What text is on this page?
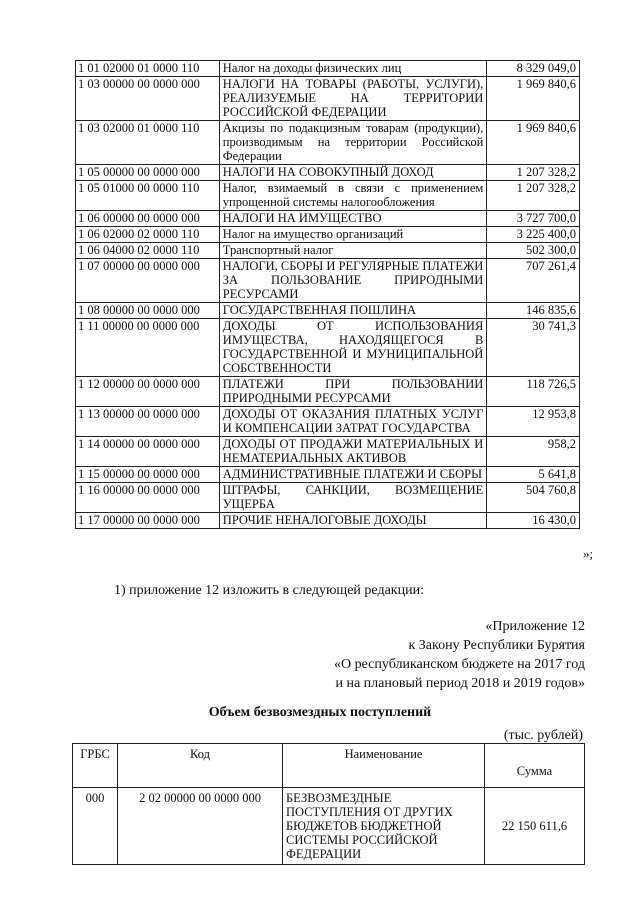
1 01 02000 01 0000 110	Налог на доходы физических лиц	8 329 049,0
1 03 00000 00 0000 000	НАЛОГИ НА ТОВАРЫ (РАБОТЫ, УСЛУГИ), РЕАЛИЗУЕМЫЕ НА ТЕРРИТОРИИ РОССИЙСКОЙ ФЕДЕРАЦИИ	1 969 840,6
1 03 02000 01 0000 110	Акцизы по подакцизным товарам (продукции), производимым на территории Российской Федерации	1 969 840,6
1 05 00000 00 0000 000	НАЛОГИ НА СОВОКУПНЫЙ ДОХОД	1 207 328,2
1 05 01000 00 0000 110	Налог, взимаемый в связи с применением упрощенной системы налогообложения	1 207 328,2
1 06 00000 00 0000 000	НАЛОГИ НА ИМУЩЕСТВО	3 727 700,0
1 06 02000 02 0000 110	Налог на имущество организаций	3 225 400,0
1 06 04000 02 0000 110	Транспортный налог	502 300,0
1 07 00000 00 0000 000	НАЛОГИ, СБОРЫ И РЕГУЛЯРНЫЕ ПЛАТЕЖИ ЗА ПОЛЬЗОВАНИЕ ПРИРОДНЫМИ РЕСУРСАМИ	707 261,4
1 08 00000 00 0000 000	ГОСУДАРСТВЕННАЯ ПОШЛИНА	146 835,6
1 11 00000 00 0000 000	ДОХОДЫ ОТ ИСПОЛЬЗОВАНИЯ ИМУЩЕСТВА, НАХОДЯЩЕГОСЯ В ГОСУДАРСТВЕННОЙ И МУНИЦИПАЛЬНОЙ СОБСТВЕННОСТИ	30 741,3
1 12 00000 00 0000 000	ПЛАТЕЖИ ПРИ ПОЛЬЗОВАНИИ ПРИРОДНЫМИ РЕСУРСАМИ	118 726,5
1 13 00000 00 0000 000	ДОХОДЫ ОТ ОКАЗАНИЯ ПЛАТНЫХ УСЛУГ И КОМПЕНСАЦИИ ЗАТРАТ ГОСУДАРСТВА	12 953,8
1 14 00000 00 0000 000	ДОХОДЫ ОТ ПРОДАЖИ МАТЕРИАЛЬНЫХ И НЕМАТЕРИАЛЬНЫХ АКТИВОВ	958,2
1 15 00000 00 0000 000	АДМИНИСТРАТИВНЫЕ ПЛАТЕЖИ И СБОРЫ	5 641,8
1 16 00000 00 0000 000	ШТРАФЫ, САНКЦИИ, ВОЗМЕЩЕНИЕ УЩЕРБА	504 760,8
1 17 00000 00 0000 000	ПРОЧИЕ НЕНАЛОГОВЫЕ ДОХОДЫ	16 430,0
»;
1) приложение 12 изложить в следующей редакции:
«Приложение 12
к Закону Республики Бурятия
«О республиканском бюджете на 2017 год
и на плановый период 2018 и 2019 годов»
Объем безвозмездных поступлений
(тыс. рублей)
ГРБС	Код	Наименование	Сумма
000	2 02 00000 00 0000 000	БЕЗВОЗМЕЗДНЫЕ ПОСТУПЛЕНИЯ ОТ ДРУГИХ БЮДЖЕТОВ БЮДЖЕТНОЙ СИСТЕМЫ РОССИЙСКОЙ ФЕДЕРАЦИИ	22 150 611,6
